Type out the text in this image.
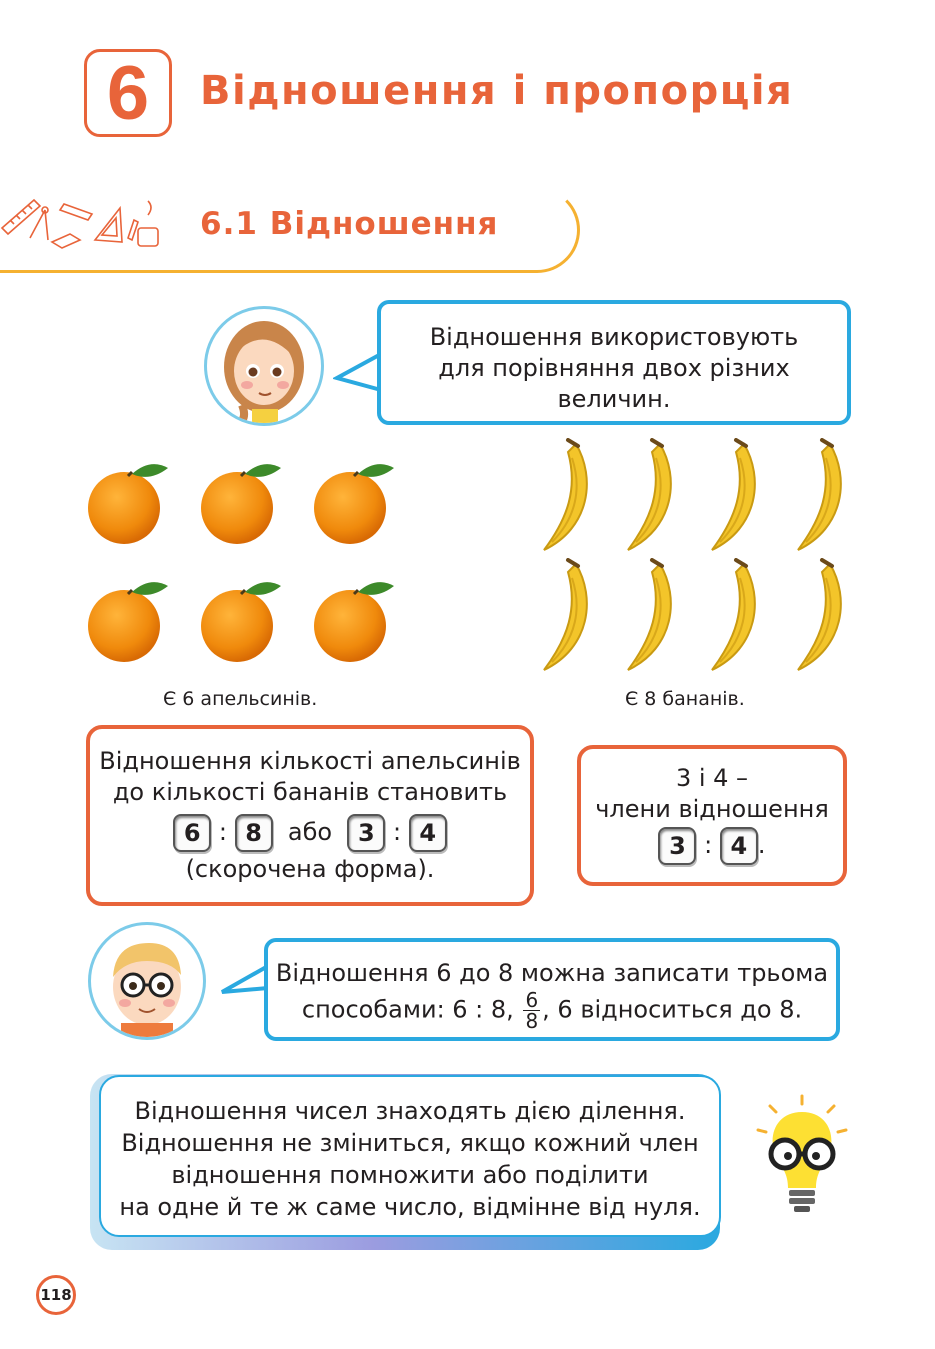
6	Відношення і пропорція
6.1 Відношення
Відношення використовують
для порівняння двох різних
величин.
Є 6 апельсинів.	Є 8 бананів.
Відношення кількості апельсинів
до кількості бананів становить
6 : 8 або 3 : 4
(скорочена форма).
3 і 4 –
члени відношення
3 : 4 .
Відношення 6 до 8 можна записати трьома
способами: 6 : 8, $\frac{6}{8}$ , 6 відноситься до 8.
Відношення чисел знаходять дією ділення.
Відношення не зміниться, якщо кожний член
відношення помножити або поділити
на одне й те ж саме число, відмінне від нуля.
118
